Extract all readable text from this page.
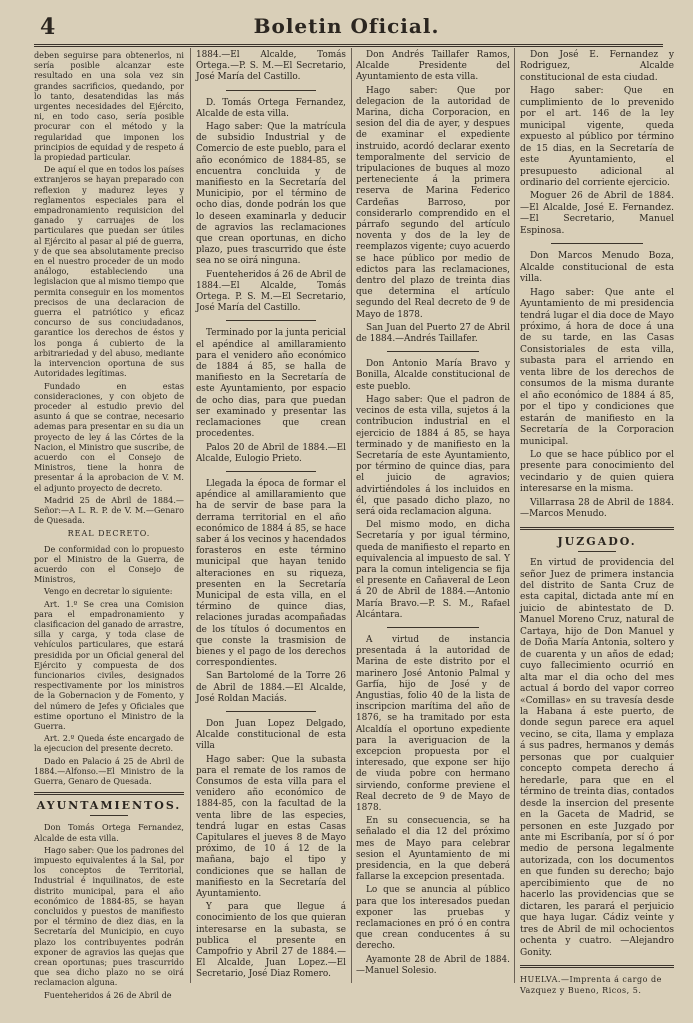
4	Boletin Oficial.

deben seguirse para obtenerlos, ni sería posible alcanzar este resultado en una sola vez sin grandes sacrificios, quedando, por lo tanto, desatendidas las más urgentes necesidades del Ejército, ni, en todo caso, sería posible procurar con el método y la regularidad que imponen los principios de equidad y de respeto á la propiedad particular.

De aquí el que en todos los países extranjeros se hayan preparado con reflexion y madurez leyes y reglamentos especiales para el empadronamiento requisicion del ganado y carruajes de los particulares que puedan ser útiles al Ejército al pasar al pié de guerra, y de que sea absolutamente preciso en el nuestro proceder de un modo análogo, estableciendo una legislacion que al mismo tiempo que permita conseguir en los momentos precisos de una declaracion de guerra el patriótico y eficaz concurso de sus conciudadanos, garantice los derechos de éstos y los ponga á cubierto de la arbitrariedad y del abuso, mediante la intervencion oportuna de sus Autoridades legítimas.

Fundado en estas consideraciones, y con objeto de proceder al estudio previo del asunto á que se contrae, necesario ademas para presentar en su dia un proyecto de ley á las Córtes de la Nacion, el Ministro que suscribe, de acuerdo con el Consejo de Ministros, tiene la honra de presentar á la aprobacion de V. M. el adjunto proyecto de decreto.

Madrid 25 de Abril de 1884.—Señor:—A L. R. P. de V. M.—Genaro de Quesada.

REAL DECRETO.

De conformidad con lo propuesto por el Ministro de la Guerra, de acuerdo con el Consejo de Ministros,

Vengo en decretar lo siguiente:

Art. 1.º Se crea una Comision para el empadronamiento y clasificacion del ganado de arrastre, silla y carga, y toda clase de vehículos particulares, que estará presidida por un Oficial general del Ejército y compuesta de dos funcionarios civiles, designados respectivamente por los ministros de la Gobernacion y de Fomento, y del número de Jefes y Oficiales que estime oportuno el Ministro de la Guerra.

Art. 2.º Queda éste encargado de la ejecucion del presente decreto.

Dado en Palacio á 25 de Abril de 1884.—Alfonso.—El Ministro de la Guerra, Genaro de Quesada.

AYUNTAMIENTOS.

Don Tomás Ortega Fernandez, Alcalde de esta villa.

Hago saber: Que los padrones del impuesto equivalentes á la Sal, por los conceptos de Territorial, Industrial é inquilinatos, de este distrito municipal, para el año económico de 1884-85, se hayan concluidos y puestos de manifiesto por el término de diez dias, en la Secretaría del Municipio, en cuyo plazo los contribuyentes podrán exponer de agravios las quejas que crean oportunas; pues trascurrido que sea dicho plazo no se oirá reclamacion alguna.

Fuenteheridos á 26 de Abril de

1884.—El Alcalde, Tomás Ortega.—P. S. M.—El Secretario, José María del Castillo.

D. Tomás Ortega Fernandez, Alcalde de esta villa.

Hago saber: Que la matrícula de subsidio Industrial y de Comercio de este pueblo, para el año económico de 1884-85, se encuentra concluida y de manifiesto en la Secretaría del Municipio, por el término de ocho dias, donde podrán los que lo deseen examinarla y deducir de agravios las reclamaciones que crean oportunas, en dicho plazo, pues trascurrido que éste sea no se oirá ninguna.

Fuenteheridos á 26 de Abril de 1884.—El Alcalde, Tomás Ortega. P. S. M.—El Secretario, José María del Castillo.

Terminado por la junta pericial el apéndice al amillaramiento para el venidero año económico de 1884 á 85, se halla de manifiesto en la Secretaría de este Ayuntamiento, por espacio de ocho dias, para que puedan ser examinado y presentar las reclamaciones que crean procedentes.

Palos 20 de Abril de 1884.—El Alcalde, Eulogio Prieto.

Llegada la época de formar el apéndice al amillaramiento que ha de servir de base para la derrama territorial en el año económico de 1884 á 85, se hace saber á los vecinos y hacendados forasteros en este término municipal que hayan tenido alteraciones en su riqueza, presenten en la Secretaría Municipal de esta villa, en el término de quince dias, relaciones juradas acompañadas de los títulos ó documentos en que conste la trasmision de bienes y el pago de los derechos correspondientes.

San Bartolomé de la Torre 26 de Abril de 1884.—El Alcalde, José Roldan Maciás.

Don Juan Lopez Delgado, Alcalde constitucional de esta villa

Hago saber: Que la subasta para el remate de los ramos de Consumos de esta villa para el venidero año económico de 1884-85, con la facultad de la venta libre de las especies, tendrá lugar en estas Casas Capitulares el jueves 8 de Mayo próximo, de 10 á 12 de la mañana, bajo el tipo y condiciones que se hallan de manifiesto en la Secretaría del Ayuntamiento.

Y para que llegue á conocimiento de los que quieran interesarse en la subasta, se publica el presente en Campofrio y Abril 27 de 1884.—El Alcalde, Juan Lopez.—El Secretario, José Diaz Romero.

Don Andrés Taillafer Ramos, Alcalde Presidente del Ayuntamiento de esta villa.

Hago saber: Que por delegacion de la autoridad de Marina, dicha Corporacion, en sesion del dia de ayer, y despues de examinar el expediente instruido, acordó declarar exento temporalmente del servicio de tripulaciones de buques al mozo perteneciente á la primera reserva de Marina Federico Cardeñas Barroso, por considerarlo comprendido en el párrafo segundo del artículo noventa y dos de la ley de reemplazos vigente; cuyo acuerdo se hace público por medio de edictos para las reclamaciones, dentro del plazo de treinta dias que determina el artículo segundo del Real decreto de 9 de Mayo de 1878.

San Juan del Puerto 27 de Abril de 1884.—Andrés Taillafer.

Don Antonio María Bravo y Bonilla, Alcalde constitucional de este pueblo.

Hago saber: Que el padron de vecinos de esta villa, sujetos á la contribucion industrial en el ejercicio de 1884 á 85, se haya terminado y de manifiesto en la Secretaría de este Ayuntamiento, por término de quince dias, para el juicio de agravios; advirtiéndoles á los incluidos en él, que pasado dicho plazo, no será oida reclamacion alguna.

Del mismo modo, en dicha Secretaría y por igual término, queda de manifiesto el reparto en equivalencia al impuesto de sal. Y para la comun inteligencia se fija el presente en Cañaveral de Leon á 20 de Abril de 1884.—Antonio María Bravo.—P. S. M., Rafael Alcántara.

A virtud de instancia presentada á la autoridad de Marina de este distrito por el marinero José Antonio Palmal y Garfía, hijo de José y de Angustias, folio 40 de la lista de inscripcion marítima del año de 1876, se ha tramitado por esta Alcaldía el oportuno expediente para la averiguacion de la excepcion propuesta por el interesado, que expone ser hijo de viuda pobre con hermano sirviendo, conforme previene el Real decreto de 9 de Mayo de 1878.

En su consecuencia, se ha señalado el dia 12 del próximo mes de Mayo para celebrar sesion el Ayuntamiento de mi presidencia, en la que deberá fallarse la excepcion presentada.

Lo que se anuncia al público para que los interesados puedan exponer las pruebas y reclamaciones en pró ó en contra que crean conducentes á su derecho.

Ayamonte 28 de Abril de 1884. —Manuel Solesio.

Don José E. Fernandez y Rodriguez, Alcalde constitucional de esta ciudad.

Hago saber: Que en cumplimiento de lo prevenido por el art. 146 de la ley municipal vigente, queda expuesto al público por término de 15 dias, en la Secretaría de este Ayuntamiento, el presupuesto adicional al ordinario del corriente ejercicio.

Moguer 26 de Abril de 1884. —El Alcalde, José E. Fernandez. —El Secretario, Manuel Espinosa.

Don Marcos Menudo Boza, Alcalde constitucional de esta villa.

Hago saber: Que ante el Ayuntamiento de mi presidencia tendrá lugar el dia doce de Mayo próximo, á hora de doce á una de su tarde, en las Casas Consistoriales de esta villa, subasta para el arriendo en venta libre de los derechos de consumos de la misma durante el año económico de 1884 á 85, por el tipo y condiciones que estarán de manifiesto en la Secretaría de la Corporacion municipal.

Lo que se hace público por el presente para conocimiento del vecindario y de quien quiera interesarse en la misma.

Villarrasa 28 de Abril de 1884. —Marcos Menudo.

JUZGADO.

En virtud de providencia del señor Juez de primera instancia del distrito de Santa Cruz de esta capital, dictada ante mí en juicio de abintestato de D. Manuel Moreno Cruz, natural de Cartaya, hijo de Don Manuel y de Doña María Antonia, soltero y de cuarenta y un años de edad; cuyo fallecimiento ocurrió en alta mar el dia ocho del mes actual á bordo del vapor correo «Comillas» en su travesía desde la Habana á este puerto, de donde segun parece era aquel vecino, se cita, llama y emplaza á sus padres, hermanos y demás personas que por cualquier concepto competa derecho á heredarle, para que en el término de treinta dias, contados desde la insercion del presente en la Gaceta de Madrid, se personen en este Juzgado por ante mi Escribanía, por sí ó por medio de persona legalmente autorizada, con los documentos en que funden su derecho; bajo apercibimiento que de no hacerlo las providencias que se dictaren, les parará el perjuicio que haya lugar. Cádiz veinte y tres de Abril de mil ochocientos ochenta y cuatro. —Alejandro Gonity.

HUELVA.—Imprenta á cargo de Vazquez y Bueno, Ricos, 5.
